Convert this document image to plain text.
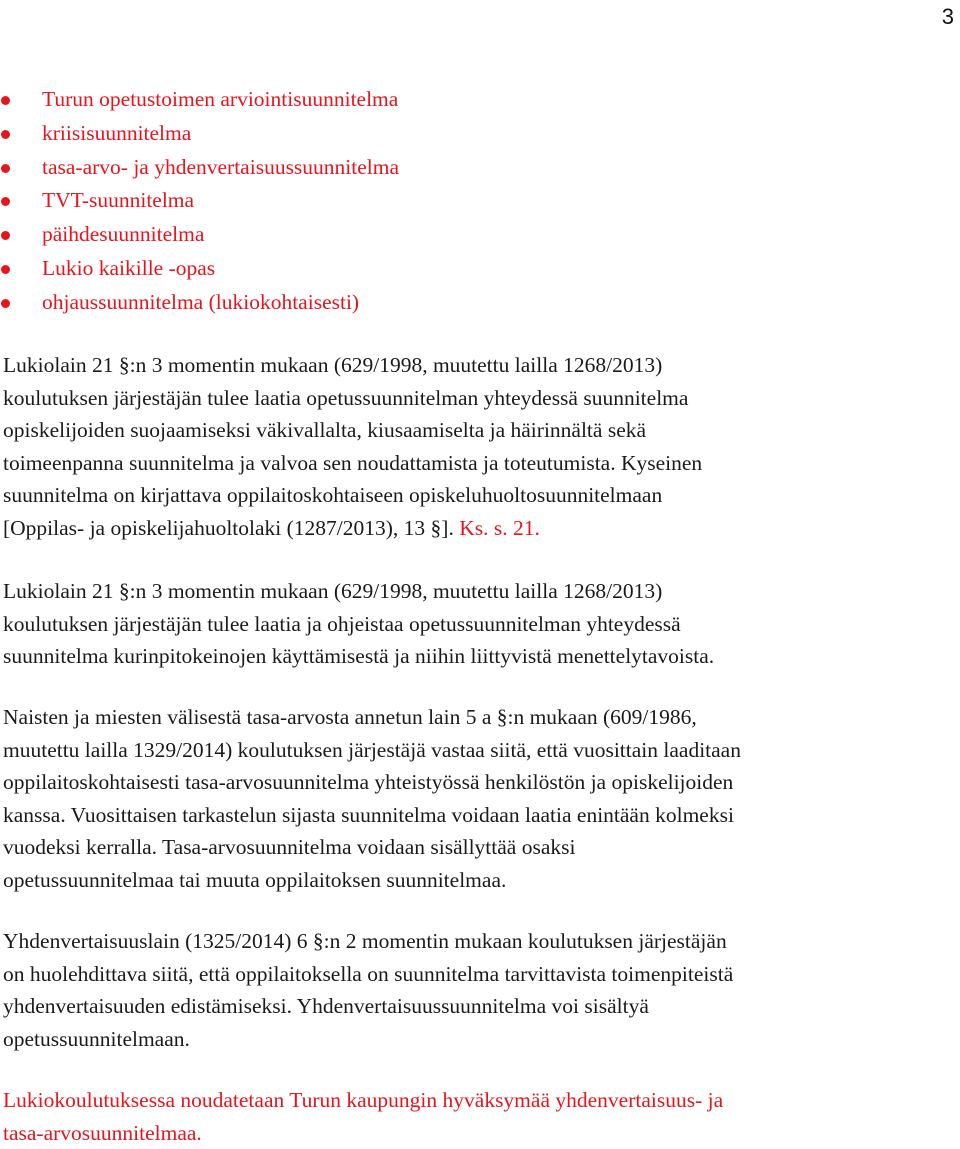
3
Turun opetustoimen arviointisuunnitelma
kriisisuunnitelma
tasa-arvo- ja yhdenvertaisuussuunnitelma
TVT-suunnitelma
päihdesuunnitelma
Lukio kaikille -opas
ohjaussuunnitelma (lukiokohtaisesti)

Lukiolain 21 §:n 3 momentin mukaan (629/1998, muutettu lailla 1268/2013)
koulutuksen järjestäjän tulee laatia opetussuunnitelman yhteydessä suunnitelma
opiskelijoiden suojaamiseksi väkivallalta, kiusaamiselta ja häirinnältä sekä
toimeenpanna suunnitelma ja valvoa sen noudattamista ja toteutumista. Kyseinen
suunnitelma on kirjattava oppilaitoskohtaiseen opiskeluhuoltosuunnitelmaan
[Oppilas- ja opiskelijahuoltolaki (1287/2013), 13 §]. Ks. s. 21.

Lukiolain 21 §:n 3 momentin mukaan (629/1998, muutettu lailla 1268/2013)
koulutuksen järjestäjän tulee laatia ja ohjeistaa opetussuunnitelman yhteydessä
suunnitelma kurinpitokeinojen käyttämisestä ja niihin liittyvistä menettelytavoista.

Naisten ja miesten välisestä tasa-arvosta annetun lain 5 a §:n mukaan (609/1986,
muutettu lailla 1329/2014) koulutuksen järjestäjä vastaa siitä, että vuosittain laaditaan
oppilaitoskohtaisesti tasa-arvosuunnitelma yhteistyössä henkilöstön ja opiskelijoiden
kanssa. Vuosittaisen tarkastelun sijasta suunnitelma voidaan laatia enintään kolmeksi
vuodeksi kerralla. Tasa-arvosuunnitelma voidaan sisällyttää osaksi
opetussuunnitelmaa tai muuta oppilaitoksen suunnitelmaa.

Yhdenvertaisuuslain (1325/2014) 6 §:n 2 momentin mukaan koulutuksen järjestäjän
on huolehdittava siitä, että oppilaitoksella on suunnitelma tarvittavista toimenpiteistä
yhdenvertaisuuden edistämiseksi. Yhdenvertaisuussuunnitelma voi sisältyä
opetussuunnitelmaan.

Lukiokoulutuksessa noudatetaan Turun kaupungin hyväksymää yhdenvertaisuus- ja
tasa-arvosuunnitelmaa.
